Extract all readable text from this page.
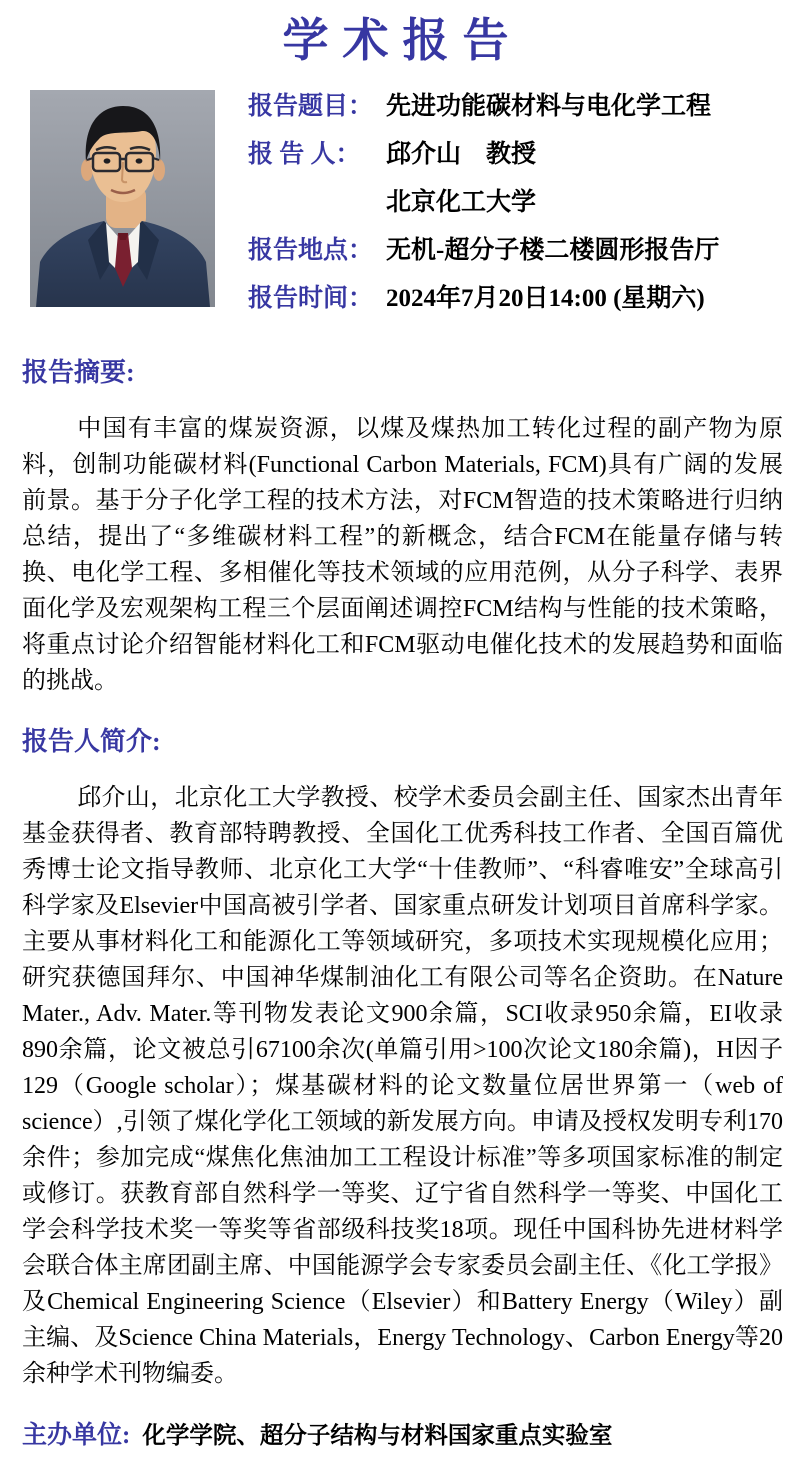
学术报告
报告题目： 先进功能碳材料与电化学工程
报 告 人： 邱介山　教授
北京化工大学
报告地点： 无机-超分子楼二楼圆形报告厅
报告时间： 2024年7月20日14:00 (星期六)
报告摘要:

中国有丰富的煤炭资源，以煤及煤热加工转化过程的副产物为原料，创制功能碳材料(Functional Carbon Materials, FCM)具有广阔的发展前景。基于分子化学工程的技术方法，对FCM智造的技术策略进行归纳总结，提出了“多维碳材料工程”的新概念，结合FCM在能量存储与转换、电化学工程、多相催化等技术领域的应用范例，从分子科学、表界面化学及宏观架构工程三个层面阐述调控FCM结构与性能的技术策略，将重点讨论介绍智能材料化工和FCM驱动电催化技术的发展趋势和面临的挑战。

报告人简介:

邱介山，北京化工大学教授、校学术委员会副主任、国家杰出青年基金获得者、教育部特聘教授、全国化工优秀科技工作者、全国百篇优秀博士论文指导教师、北京化工大学“十佳教师”、“科睿唯安”全球高引科学家及Elsevier中国高被引学者、国家重点研发计划项目首席科学家。主要从事材料化工和能源化工等领域研究，多项技术实现规模化应用；研究获德国拜尔、中国神华煤制油化工有限公司等名企资助。在Nature Mater., Adv. Mater.等刊物发表论文900余篇，SCI收录950余篇，EI收录890余篇，论文被总引67100余次(单篇引用>100次论文180余篇)，H因子129（Google scholar）；煤基碳材料的论文数量位居世界第一（web of science）,引领了煤化学化工领域的新发展方向。申请及授权发明专利170余件；参加完成“煤焦化焦油加工工程设计标准”等多项国家标准的制定或修订。获教育部自然科学一等奖、辽宁省自然科学一等奖、中国化工学会科学技术奖一等奖等省部级科技奖18项。现任中国科协先进材料学会联合体主席团副主席、中国能源学会专家委员会副主任、《化工学报》及Chemical Engineering Science（Elsevier）和Battery Energy（Wiley）副主编、及Science China Materials，Energy Technology、Carbon Energy等20余种学术刊物编委。

主办单位: 化学学院、超分子结构与材料国家重点实验室
